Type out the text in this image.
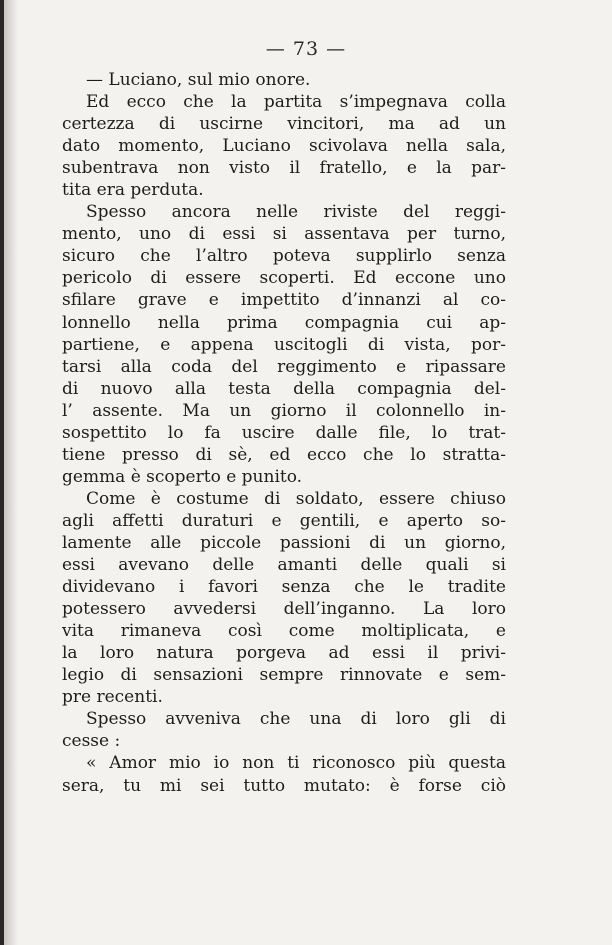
— 73 —
— Luciano, sul mio onore.
Ed ecco che la partita s’impegnava colla
certezza di uscirne vincitori, ma ad un
dato momento, Luciano scivolava nella sala,
subentrava non visto il fratello, e la par-
tita era perduta.
Spesso ancora nelle riviste del reggi-
mento, uno di essi si assentava per turno,
sicuro che l’altro poteva supplirlo senza
pericolo di essere scoperti. Ed eccone uno
sfilare grave e impettito d’innanzi al co-
lonnello nella prima compagnia cui ap-
partiene, e appena uscitogli di vista, por-
tarsi alla coda del reggimento e ripassare
di nuovo alla testa della compagnia del-
l’ assente. Ma un giorno il colonnello in-
sospettito lo fa uscire dalle file, lo trat-
tiene presso di sè, ed ecco che lo stratta-
gemma è scoperto e punito.
Come è costume di soldato, essere chiuso
agli affetti duraturi e gentili, e aperto so-
lamente alle piccole passioni di un giorno,
essi avevano delle amanti delle quali si
dividevano i favori senza che le tradite
potessero avvedersi dell’inganno. La loro
vita rimaneva così come moltiplicata, e
la loro natura porgeva ad essi il privi-
legio di sensazioni sempre rinnovate e sem-
pre recenti.
Spesso avveniva che una di loro gli di
cesse :
« Amor mio io non ti riconosco più questa
sera, tu mi sei tutto mutato: è forse ciò
